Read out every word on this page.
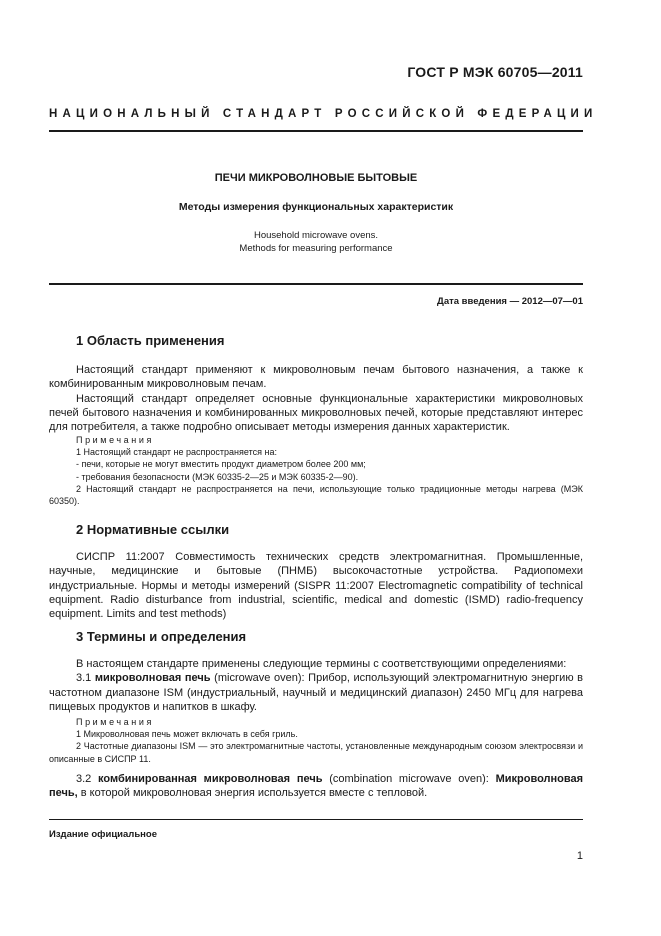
ГОСТ Р МЭК 60705—2011
НАЦИОНАЛЬНЫЙ СТАНДАРТ РОССИЙСКОЙ ФЕДЕРАЦИИ
ПЕЧИ МИКРОВОЛНОВЫЕ БЫТОВЫЕ
Методы измерения функциональных характеристик
Household microwave ovens.
Methods for measuring performance
Дата введения — 2012—07—01
1 Область применения

Настоящий стандарт применяют к микроволновым печам бытового назначения, а также к комбинированным микроволновым печам.

Настоящий стандарт определяет основные функциональные характеристики микроволновых печей бытового назначения и комбинированных микроволновых печей, которые представляют интерес для потребителя, а также подробно описывает методы измерения данных характеристик.

Примечания

1 Настоящий стандарт не распространяется на:

- печи, которые не могут вместить продукт диаметром более 200 мм;

- требования безопасности (МЭК 60335-2—25 и МЭК 60335-2—90).

2 Настоящий стандарт не распространяется на печи, использующие только традиционные методы нагрева (МЭК 60350).

2 Нормативные ссылки

СИСПР 11:2007 Совместимость технических средств электромагнитная. Промышленные, научные, медицинские и бытовые (ПНМБ) высокочастотные устройства. Радиопомехи индустриальные. Нормы и методы измерений (SISPR 11:2007 Electromagnetic compatibility of technical equipment. Radio disturbance from industrial, scientific, medical and domestic (ISMD) radio-frequency equipment. Limits and test methods)

3 Термины и определения

В настоящем стандарте применены следующие термины с соответствующими определениями:

3.1 микроволновая печь (microwave oven): Прибор, использующий электромагнитную энергию в частотном диапазоне ISM (индустриальный, научный и медицинский диапазон) 2450 МГц для нагрева пищевых продуктов и напитков в шкафу.

Примечания

1 Микроволновая печь может включать в себя гриль.

2 Частотные диапазоны ISM — это электромагнитные частоты, установленные международным союзом электросвязи и описанные в СИСПР 11.

3.2 комбинированная микроволновая печь (combination microwave oven): Микроволновая печь, в которой микроволновая энергия используется вместе с тепловой.

Издание официальное
1
